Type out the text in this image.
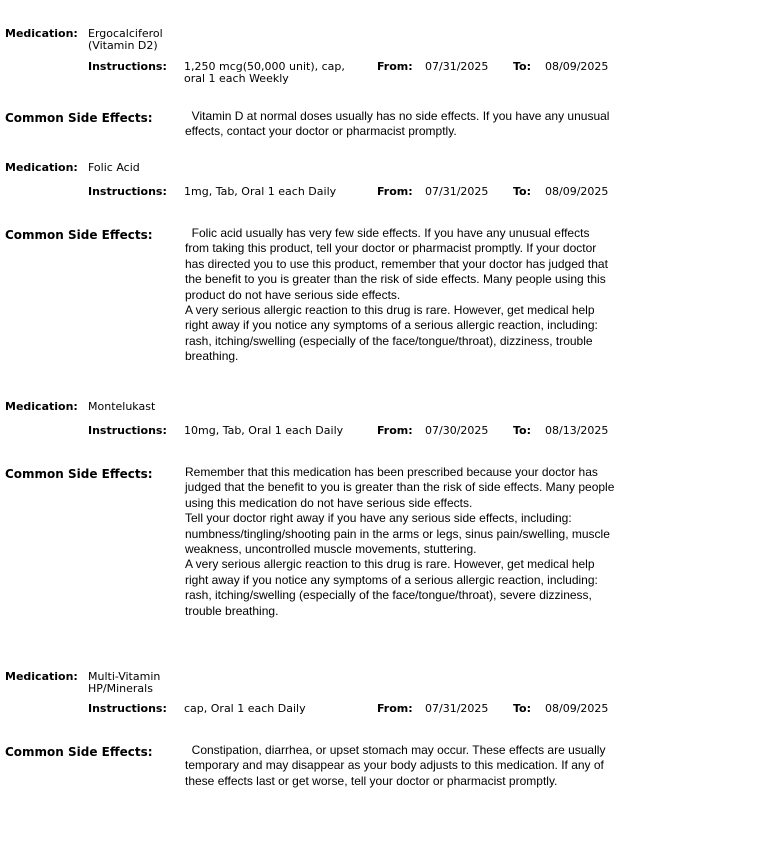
Medication: Ergocalciferol
(Vitamin D2)
Instructions: 1,250 mcg(50,000 unit), cap,
oral 1 each Weekly
From: 07/31/2025 To: 08/09/2025
Common Side Effects:	Vitamin D at normal doses usually has no side effects. If you have any unusual effects, contact your doctor or pharmacist promptly.

Medication: Folic Acid
Instructions: 1mg, Tab, Oral 1 each Daily	From: 07/31/2025 To: 08/09/2025
Common Side Effects:	Folic acid usually has very few side effects. If you have any unusual effects from taking this product, tell your doctor or pharmacist promptly. If your doctor has directed you to use this product, remember that your doctor has judged that the benefit to you is greater than the risk of side effects. Many people using this product do not have serious side effects.

A very serious allergic reaction to this drug is rare. However, get medical help right away if you notice any symptoms of a serious allergic reaction, including: rash, itching/swelling (especially of the face/tongue/throat), dizziness, trouble breathing.

Medication: Montelukast
Instructions: 10mg, Tab, Oral 1 each Daily	From: 07/30/2025 To: 08/13/2025
Common Side Effects:	Remember that this medication has been prescribed because your doctor has judged that the benefit to you is greater than the risk of side effects. Many people using this medication do not have serious side effects.

Tell your doctor right away if you have any serious side effects, including: numbness/tingling/shooting pain in the arms or legs, sinus pain/swelling, muscle weakness, uncontrolled muscle movements, stuttering.

A very serious allergic reaction to this drug is rare. However, get medical help right away if you notice any symptoms of a serious allergic reaction, including: rash, itching/swelling (especially of the face/tongue/throat), severe dizziness, trouble breathing.

Medication: Multi-Vitamin
HP/Minerals
Instructions: cap, Oral 1 each Daily	From: 07/31/2025 To: 08/09/2025
Common Side Effects:	Constipation, diarrhea, or upset stomach may occur. These effects are usually temporary and may disappear as your body adjusts to this medication. If any of these effects last or get worse, tell your doctor or pharmacist promptly.
